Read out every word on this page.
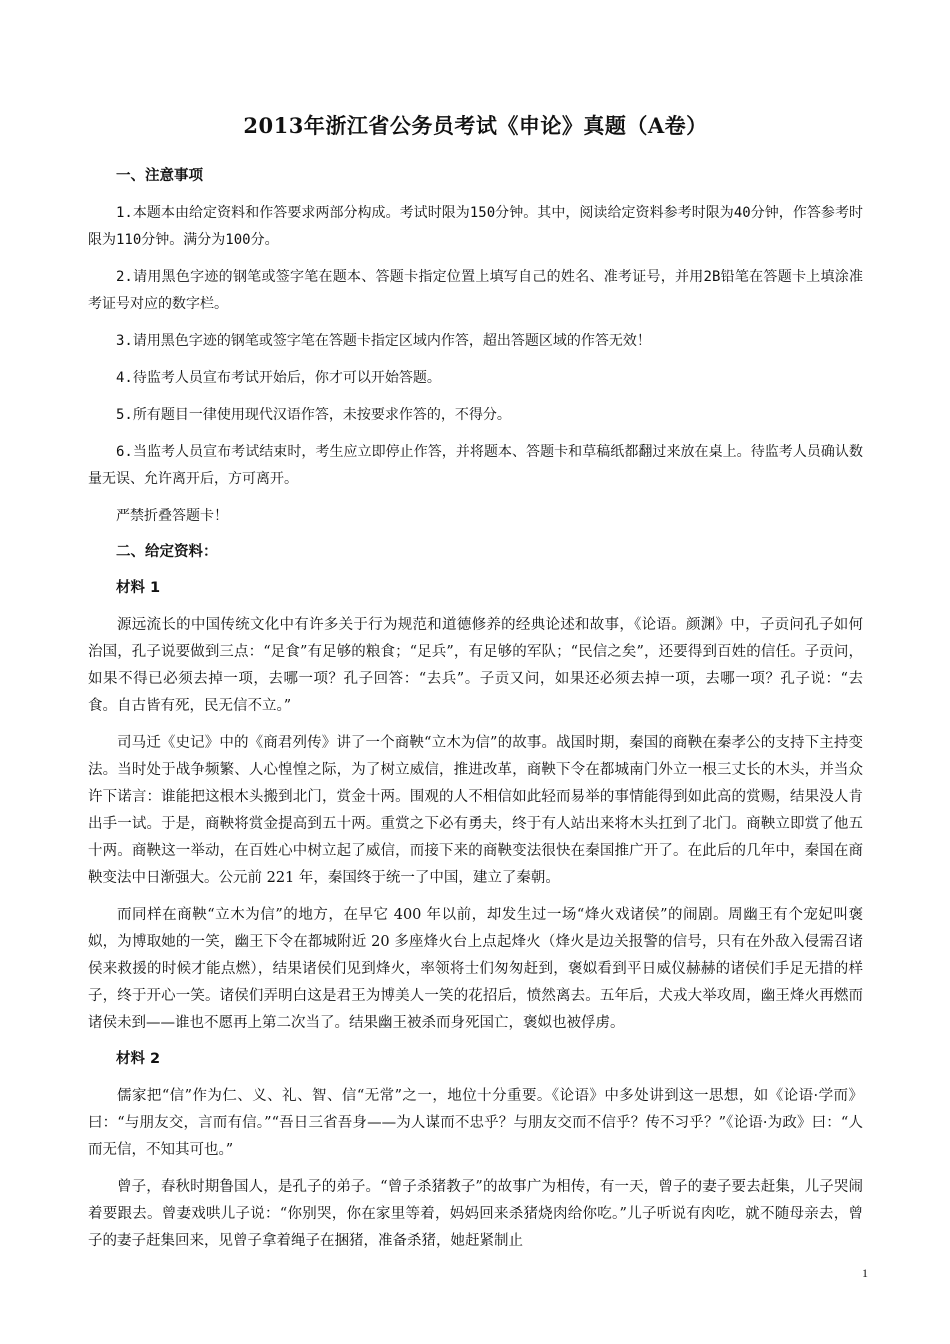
2013年浙江省公务员考试《申论》真题（A卷）
一、注意事项

1.本题本由给定资料和作答要求两部分构成。考试时限为150分钟。其中，阅读给定资料参考时限为40分钟，作答参考时限为110分钟。满分为100分。

2.请用黑色字迹的钢笔或签字笔在题本、答题卡指定位置上填写自己的姓名、准考证号，并用2B铅笔在答题卡上填涂准考证号对应的数字栏。

3.请用黑色字迹的钢笔或签字笔在答题卡指定区域内作答，超出答题区域的作答无效！

4.待监考人员宣布考试开始后，你才可以开始答题。

5.所有题目一律使用现代汉语作答，未按要求作答的，不得分。

6.当监考人员宣布考试结束时，考生应立即停止作答，并将题本、答题卡和草稿纸都翻过来放在桌上。待监考人员确认数量无误、允许离开后，方可离开。

严禁折叠答题卡！

二、给定资料：
材料 1

源远流长的中国传统文化中有许多关于行为规范和道德修养的经典论述和故事，《论语。颜渊》中，子贡问孔子如何治国，孔子说要做到三点：“足食”有足够的粮食；“足兵”，有足够的军队；“民信之矣”，还要得到百姓的信任。子贡问，如果不得已必须去掉一项，去哪一项？孔子回答：“去兵”。子贡又问，如果还必须去掉一项，去哪一项？孔子说：“去食。自古皆有死，民无信不立。”

司马迁《史记》中的《商君列传》讲了一个商鞅“立木为信”的故事。战国时期，秦国的商鞅在秦孝公的支持下主持变法。当时处于战争频繁、人心惶惶之际，为了树立威信，推进改革，商鞅下令在都城南门外立一根三丈长的木头，并当众许下诺言：谁能把这根木头搬到北门，赏金十两。围观的人不相信如此轻而易举的事情能得到如此高的赏赐，结果没人肯出手一试。于是，商鞅将赏金提高到五十两。重赏之下必有勇夫，终于有人站出来将木头扛到了北门。商鞅立即赏了他五十两。商鞅这一举动，在百姓心中树立起了威信，而接下来的商鞅变法很快在秦国推广开了。在此后的几年中，秦国在商鞅变法中日渐强大。公元前 221 年，秦国终于统一了中国，建立了秦朝。

而同样在商鞅“立木为信”的地方，在早它 400 年以前，却发生过一场“烽火戏诸侯”的闹剧。周幽王有个宠妃叫褒姒，为博取她的一笑，幽王下令在都城附近 20 多座烽火台上点起烽火（烽火是边关报警的信号，只有在外敌入侵需召诸侯来救援的时候才能点燃），结果诸侯们见到烽火，率领将士们匆匆赶到，褒姒看到平日威仪赫赫的诸侯们手足无措的样子，终于开心一笑。诸侯们弄明白这是君王为博美人一笑的花招后，愤然离去。五年后，犬戎大举攻周，幽王烽火再燃而诸侯未到——谁也不愿再上第二次当了。结果幽王被杀而身死国亡，褒姒也被俘虏。

材料 2

儒家把“信”作为仁、义、礼、智、信“无常”之一，地位十分重要。《论语》中多处讲到这一思想，如《论语·学而》曰：“与朋友交，言而有信。”“吾日三省吾身——为人谋而不忠乎？与朋友交而不信乎？传不习乎？”《论语·为政》曰：“人而无信，不知其可也。”

曾子，春秋时期鲁国人，是孔子的弟子。“曾子杀猪教子”的故事广为相传，有一天，曾子的妻子要去赶集，儿子哭闹着要跟去。曾妻戏哄儿子说：“你别哭，你在家里等着，妈妈回来杀猪烧肉给你吃。”儿子听说有肉吃，就不随母亲去，曾子的妻子赶集回来，见曾子拿着绳子在捆猪，准备杀猪，她赶紧制止

1
